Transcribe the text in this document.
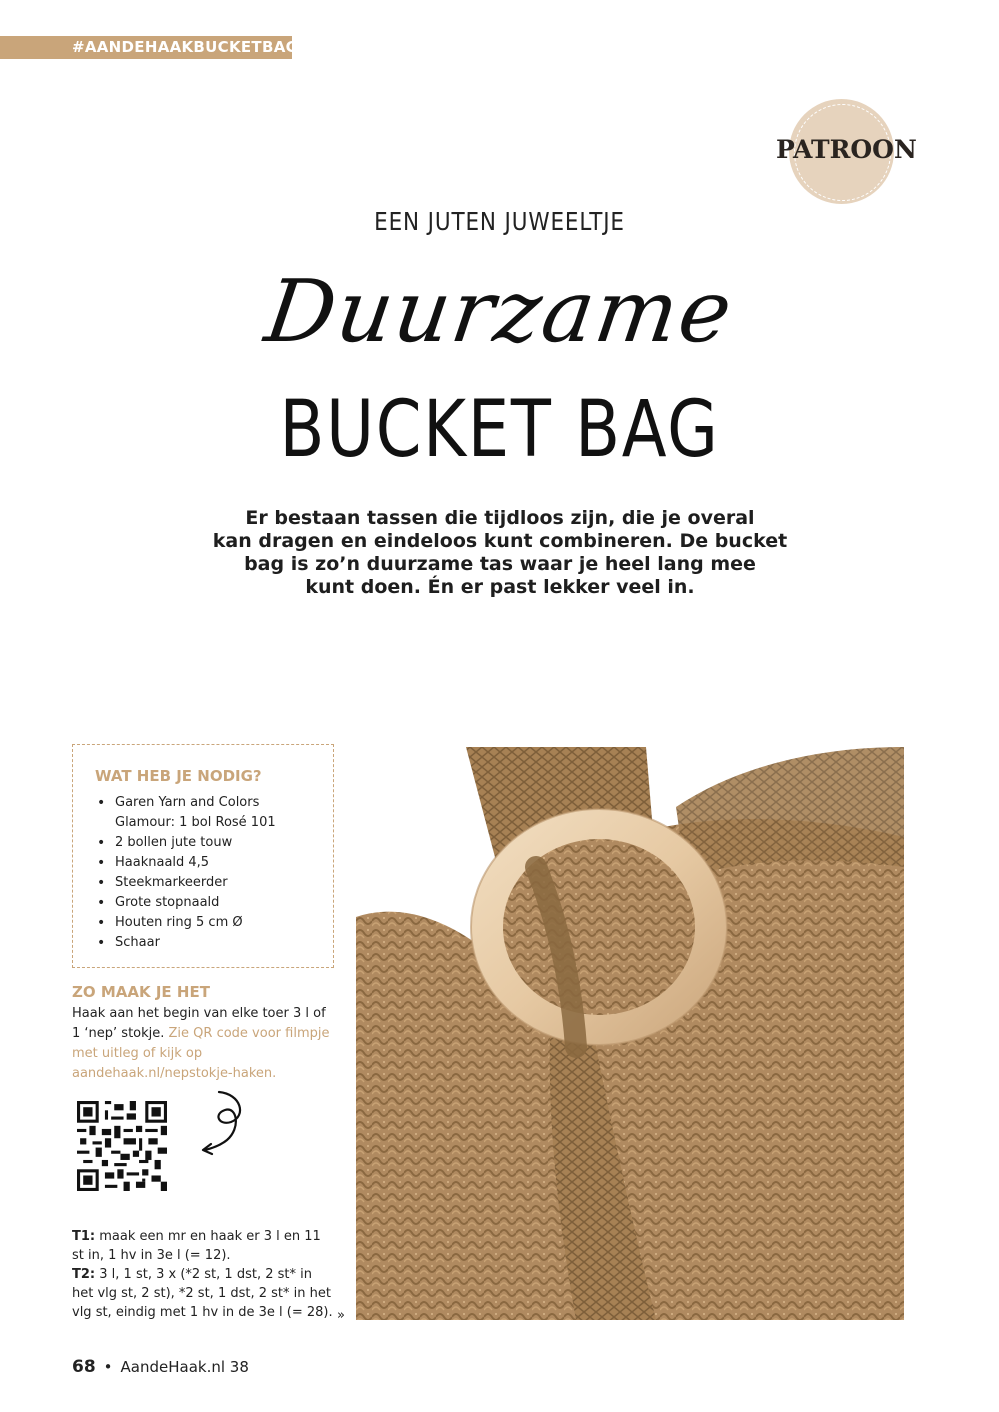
#AANDEHAAKBUCKETBAG
PATROON
EEN JUTEN JUWEELTJE
Duurzame
BUCKET BAG
Er bestaan tassen die tijdloos zijn, die je overal
kan dragen en eindeloos kunt combineren. De bucket
bag is zo’n duurzame tas waar je heel lang mee
kunt doen. Én er past lekker veel in.
WAT HEB JE NODIG?
• Garen Yarn and Colors Glamour: 1 bol Rosé 101
• 2 bollen jute touw
• Haaknaald 4,5
• Steekmarkeerder
• Grote stopnaald
• Houten ring 5 cm Ø
• Schaar
ZO MAAK JE HET
Haak aan het begin van elke toer 3 l of 1 ‘nep’ stokje. Zie QR code voor filmpje met uitleg of kijk op aandehaak.nl/nepstokje-haken.
T1: maak een mr en haak er 3 l en 11 st in, 1 hv in 3e l (= 12).
T2: 3 l, 1 st, 3 x (*2 st, 1 dst, 2 st* in het vlg st, 2 st), *2 st, 1 dst, 2 st* in het vlg st, eindig met 1 hv in de 3e l (= 28). »
68 • AandeHaak.nl 38
